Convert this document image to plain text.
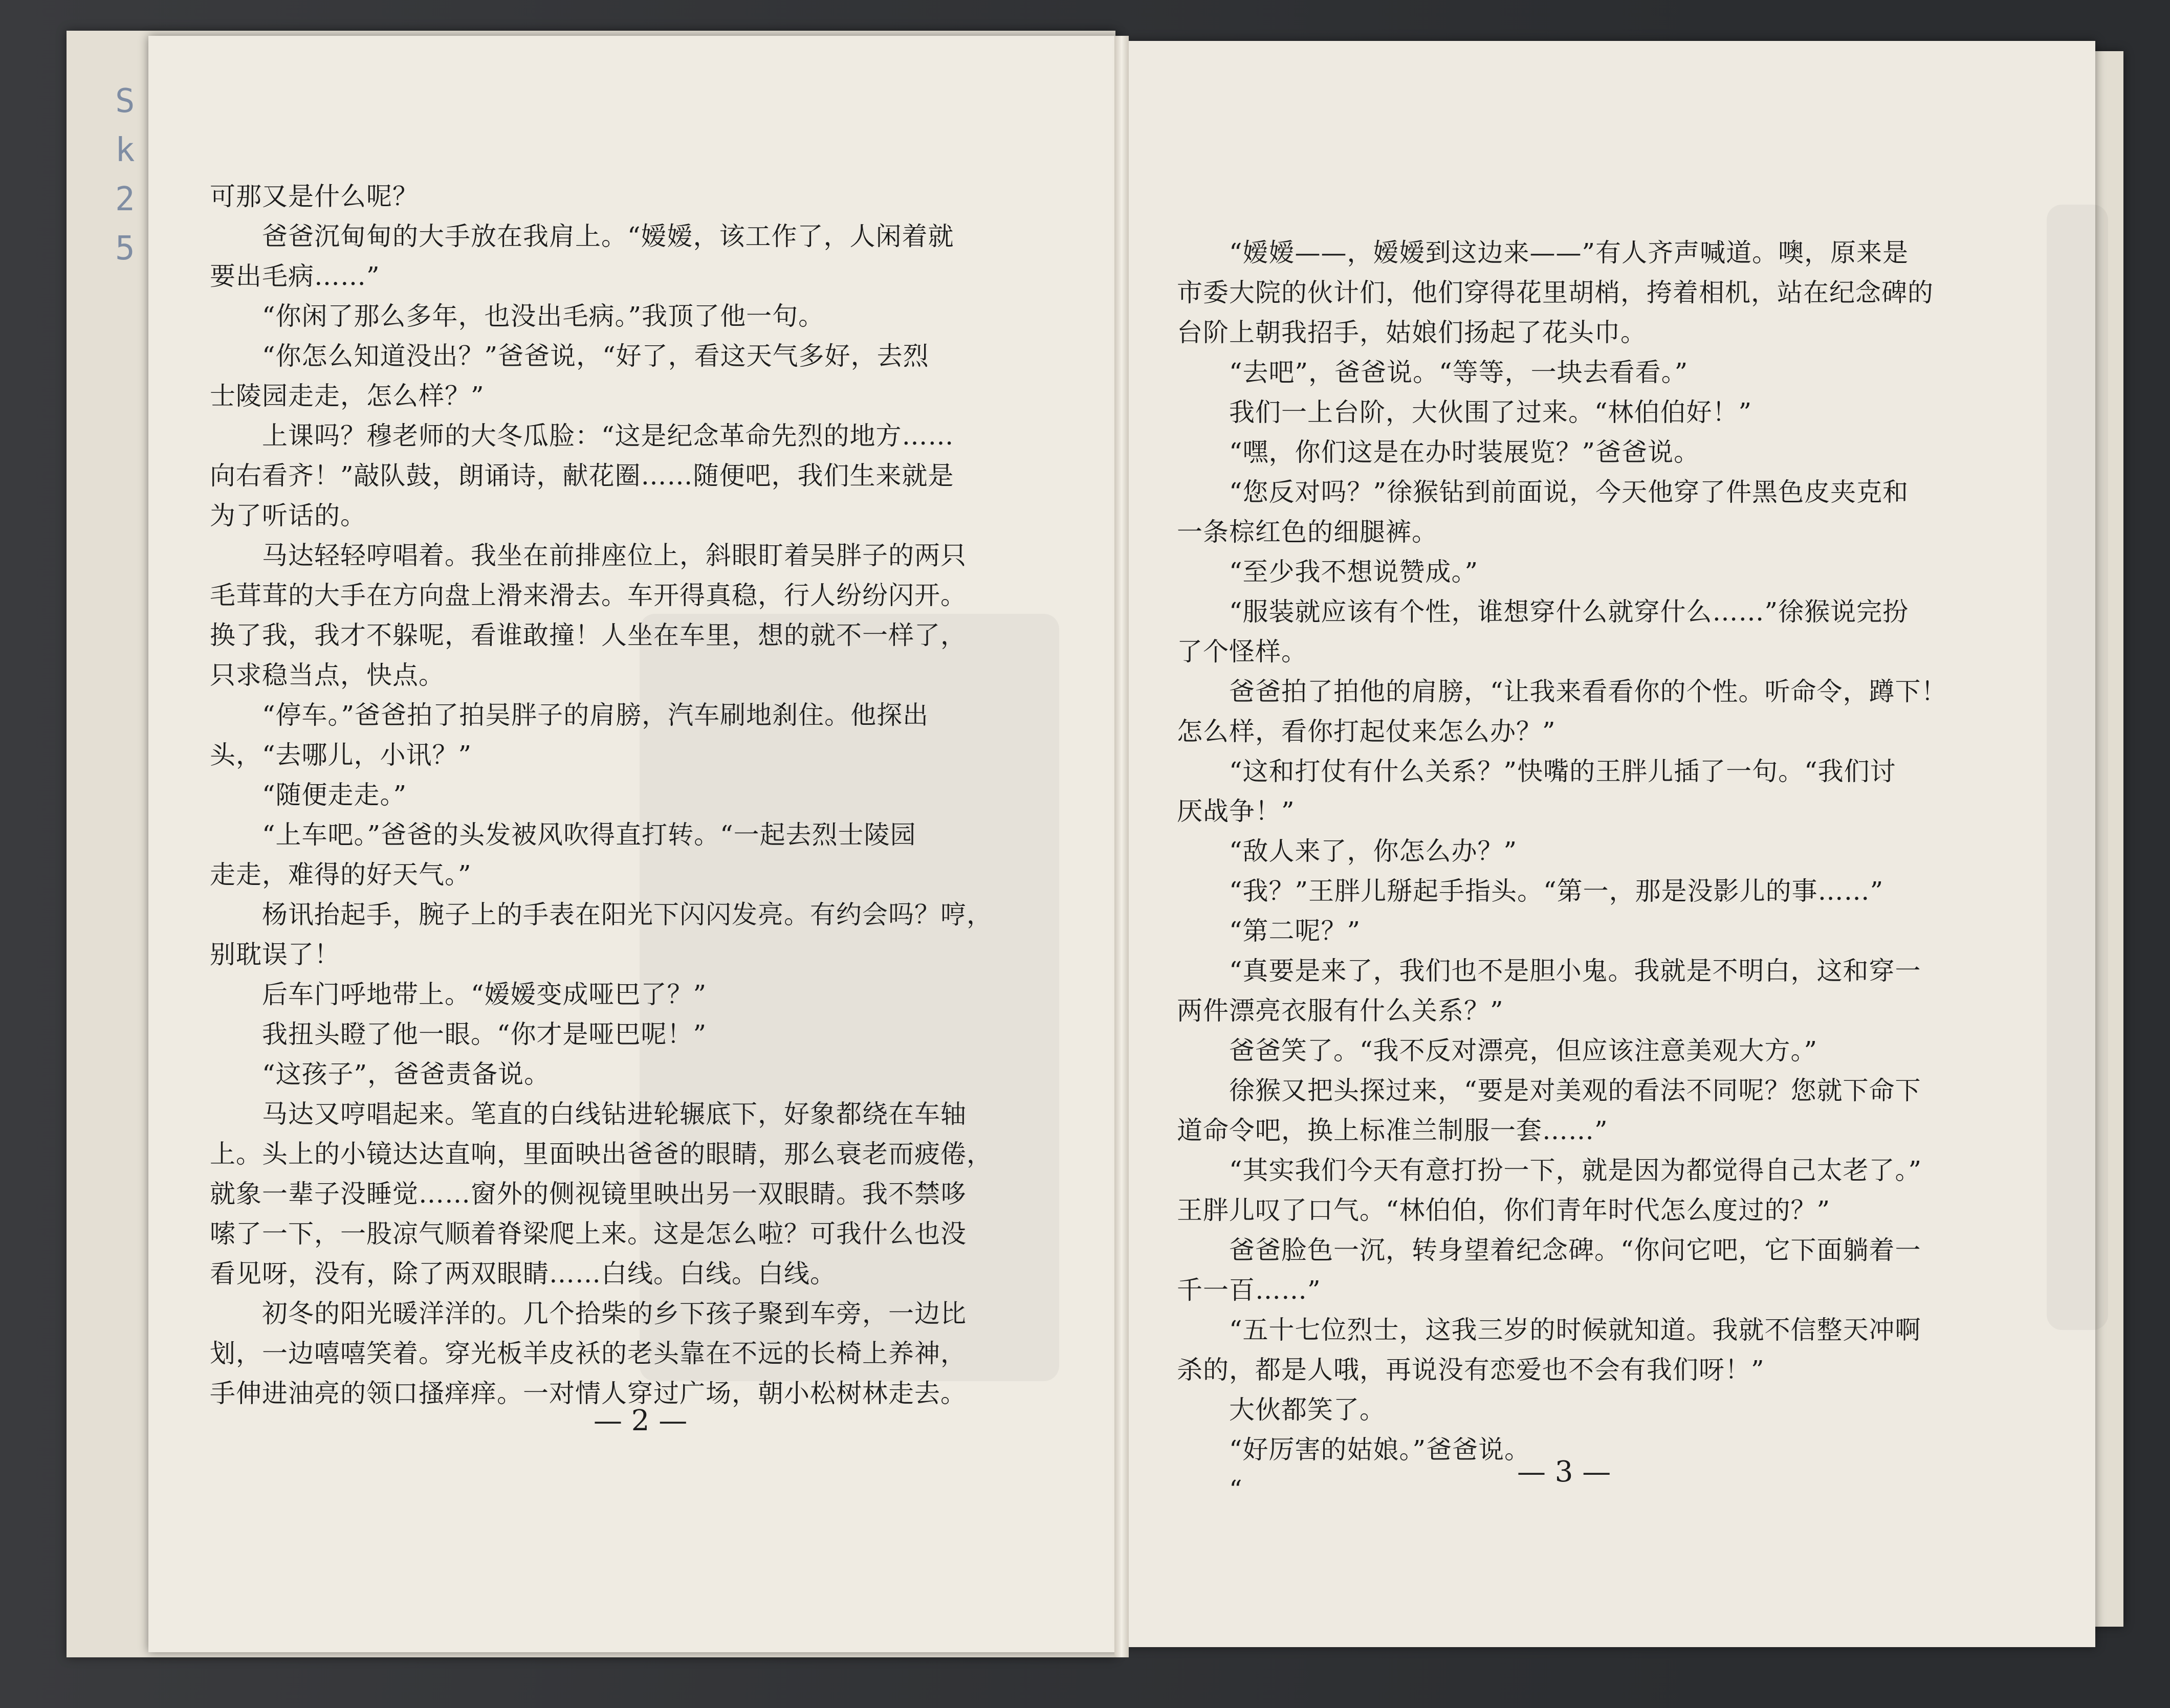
Sk25

可那又是什么呢？

　　爸爸沉甸甸的大手放在我肩上。“嫒嫒，该工作了，人闲着就

要出毛病……”

　　“你闲了那么多年，也没出毛病。”我顶了他一句。

　　“你怎么知道没出？”爸爸说，“好了，看这天气多好，去烈

士陵园走走，怎么样？”

　　上课吗？穆老师的大冬瓜脸：“这是纪念革命先烈的地方……

向右看齐！”敲队鼓，朗诵诗，献花圈……随便吧，我们生来就是

为了听话的。

　　马达轻轻哼唱着。我坐在前排座位上，斜眼盯着吴胖子的两只

毛茸茸的大手在方向盘上滑来滑去。车开得真稳，行人纷纷闪开。

换了我，我才不躲呢，看谁敢撞！人坐在车里，想的就不一样了，

只求稳当点，快点。

　　“停车。”爸爸拍了拍吴胖子的肩膀，汽车刷地刹住。他探出

头，“去哪儿，小讯？”

　　“随便走走。”

　　“上车吧。”爸爸的头发被风吹得直打转。“一起去烈士陵园

走走，难得的好天气。”

　　杨讯抬起手，腕子上的手表在阳光下闪闪发亮。有约会吗？哼，

别耽误了！

　　后车门呼地带上。“嫒嫒变成哑巴了？”

　　我扭头瞪了他一眼。“你才是哑巴呢！”

　　“这孩子”，爸爸责备说。

　　马达又哼唱起来。笔直的白线钻进轮辗底下，好象都绕在车轴

上。头上的小镜达达直响，里面映出爸爸的眼睛，那么衰老而疲倦，

就象一辈子没睡觉……窗外的侧视镜里映出另一双眼睛。我不禁哆

嗦了一下，一股凉气顺着脊梁爬上来。这是怎么啦？可我什么也没

看见呀，没有，除了两双眼睛……白线。白线。白线。

　　初冬的阳光暖洋洋的。几个拾柴的乡下孩子聚到车旁，一边比

划，一边嘻嘻笑着。穿光板羊皮袄的老头靠在不远的长椅上养神，

手伸进油亮的领口搔痒痒。一对情人穿过广场，朝小松树林走去。

— 2 —

　　“嫒嫒——，嫒嫒到这边来——”有人齐声喊道。噢，原来是

市委大院的伙计们，他们穿得花里胡梢，挎着相机，站在纪念碑的

台阶上朝我招手，姑娘们扬起了花头巾。

　　“去吧”，爸爸说。“等等，一块去看看。”

　　我们一上台阶，大伙围了过来。“林伯伯好！”

　　“嘿，你们这是在办时装展览？”爸爸说。

　　“您反对吗？”徐猴钻到前面说，今天他穿了件黑色皮夹克和

一条棕红色的细腿裤。

　　“至少我不想说赞成。”

　　“服装就应该有个性，谁想穿什么就穿什么……”徐猴说完扮

了个怪样。

　　爸爸拍了拍他的肩膀，“让我来看看你的个性。听命令，蹲下！

怎么样，看你打起仗来怎么办？”

　　“这和打仗有什么关系？”快嘴的王胖儿插了一句。“我们讨

厌战争！”

　　“敌人来了，你怎么办？”

　　“我？”王胖儿掰起手指头。“第一，那是没影儿的事……”

　　“第二呢？”

　　“真要是来了，我们也不是胆小鬼。我就是不明白，这和穿一

两件漂亮衣服有什么关系？”

　　爸爸笑了。“我不反对漂亮，但应该注意美观大方。”

　　徐猴又把头探过来，“要是对美观的看法不同呢？您就下命下

道命令吧，换上标准兰制服一套……”

　　“其实我们今天有意打扮一下，就是因为都觉得自己太老了。”

王胖儿叹了口气。“林伯伯，你们青年时代怎么度过的？”

　　爸爸脸色一沉，转身望着纪念碑。“你问它吧，它下面躺着一

千一百……”

　　“五十七位烈士，这我三岁的时候就知道。我就不信整天冲啊

杀的，都是人哦，再说没有恋爱也不会有我们呀！”

　　大伙都笑了。

　　“好厉害的姑娘。”爸爸说。

　　“

— 3 —
